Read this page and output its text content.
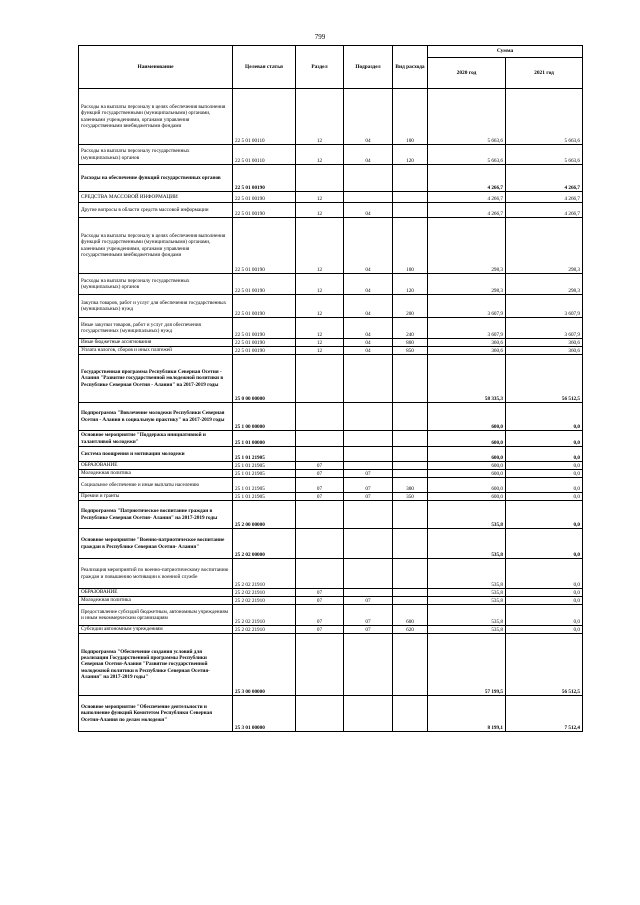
799
Наименование	Целевая статья	Раздел	Подраздел	Вид расхода	Сумма	
					2020 год	2021 год
Расходы на выплаты персоналу в целях обеспечения выполнения функций государственными (муниципальными) органами, казенными учреждениями, органами управления государственными внебюджетными фондами	22 5 01 00110	12	04	100	5 663,6	5 663,6
Расходы на выплаты персоналу государственных (муниципальных) органов	22 5 01 00110	12	04	120	5 663,6	5 663,6
Расходы на обеспечение функций государственных органов	22 5 01 00190				4 266,7	4 266,7
СРЕДСТВА МАССОВОЙ ИНФОРМАЦИИ	22 5 01 00190	12			4 266,7	4 266,7
Другие вопросы в области средств массовой информации	22 5 01 00190	12	04		4 266,7	4 266,7
Расходы на выплаты персоналу в целях обеспечения выполнения функций государственными (муниципальными) органами, казенными учреждениями, органами управления государственными внебюджетными фондами	22 5 01 00190	12	04	100	298,3	298,3
Расходы на выплаты персоналу государственных (муниципальных) органов	22 5 01 00190	12	04	120	298,3	298,3
Закупка товаров, работ и услуг для обеспечения государственных (муниципальных) нужд	22 5 01 00190	12	04	200	3 607,9	3 607,9
Иные закупки товаров, работ и услуг для обеспечения государственных (муниципальных) нужд	22 5 01 00190	12	04	240	3 607,9	3 607,9
Иные бюджетные ассигнования	22 5 01 00190	12	04	800	360,6	360,6
Уплата налогов, сборов и иных платежей	22 5 01 00190	12	04	850	360,6	360,6
Государственная программа Республики Северная Осетия - Алания "Развитие государственной молодежной политики в Республике Северная Осетия - Алания" на 2017-2019 годы	25 0 00 00000				58 335,3	56 512,5
Подпрограмма "Вовлечение молодежи Республики Северная Осетия - Алания в социальную практику" на 2017-2019 годы	25 1 00 00000				600,0	0,0
Основное мероприятие "Поддержка инициативной и талантливой молодежи"	25 1 01 00000				600,0	0,0
Система поощрения и мотивации молодежи	25 1 01 21905				600,0	0,0
ОБРАЗОВАНИЕ	25 1 01 21905	07			600,0	0,0
Молодежная политика	25 1 01 21905	07	07		600,0	0,0
Социальное обеспечение и иные выплаты населению	25 1 01 21905	07	07	300	600,0	0,0
Премии и гранты	25 1 01 21905	07	07	350	600,0	0,0
Подпрограмма "Патриотическое воспитание граждан в Республике Северная Осетия- Алания" на 2017-2019 годы	25 2 00 00000				535,8	0,0
Основное мероприятие "Военно-патриотическое воспитание граждан в Республике Северная Осетия- Алания"	25 2 02 00000				535,8	0,0
Реализация мероприятий по военно-патриотическому воспитанию граждан и повышению мотивации к военной службе	25 2 02 21910				535,8	0,0
ОБРАЗОВАНИЕ	25 2 02 21910	07			535,8	0,0
Молодежная политика	25 2 02 21910	07	07		535,8	0,0
Предоставление субсидий бюджетным, автономным учреждениям и иным некоммерческим организациям	25 2 02 21910	07	07	600	535,8	0,0
Субсидии автономным учреждениям	25 2 02 21910	07	07	620	535,8	0,0
Подпрограмма "Обеспечение создания условий для реализации Государственной программы Республики Северная Осетия-Алания "Развитие государственной молодежной политики в Республике Северная Осетия-Алания" на 2017-2019 годы"	25 3 00 00000				57 199,5	56 512,5
Основное мероприятие "Обеспечение деятельности и выполнение функций Комитетом Республики Северная Осетия-Алания по делам молодежи"	25 3 01 00000				8 199,1	7 512,4
